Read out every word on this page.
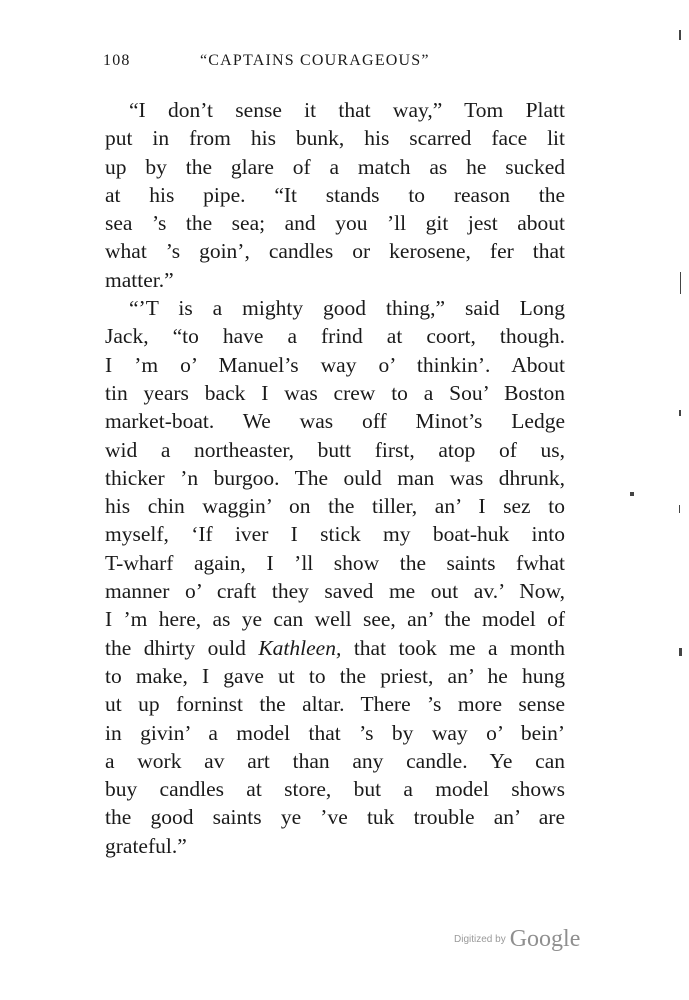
108	“CAPTAINS COURAGEOUS”
“I don’t sense it that way,” Tom Platt
put in from his bunk, his scarred face lit
up by the glare of a match as he sucked
at his pipe. “It stands to reason the
sea ’s the sea; and you ’ll git jest about
what ’s goin’, candles or kerosene, fer that
matter.”
“’T is a mighty good thing,” said Long
Jack, “to have a frind at coort, though.
I ’m o’ Manuel’s way o’ thinkin’. About
tin years back I was crew to a Sou’ Boston
market-boat. We was off Minot’s Ledge
wid a northeaster, butt first, atop of us,
thicker ’n burgoo. The ould man was dhrunk,
his chin waggin’ on the tiller, an’ I sez to
myself, ‘If iver I stick my boat-huk into
T-wharf again, I ’ll show the saints fwhat
manner o’ craft they saved me out av.’ Now,
I ’m here, as ye can well see, an’ the model of
the dhirty ould Kathleen, that took me a month
to make, I gave ut to the priest, an’ he hung
ut up forninst the altar. There ’s more sense
in givin’ a model that ’s by way o’ bein’
a work av art than any candle. Ye can
buy candles at store, but a model shows
the good saints ye ’ve tuk trouble an’ are
grateful.”
Digitized by Google
